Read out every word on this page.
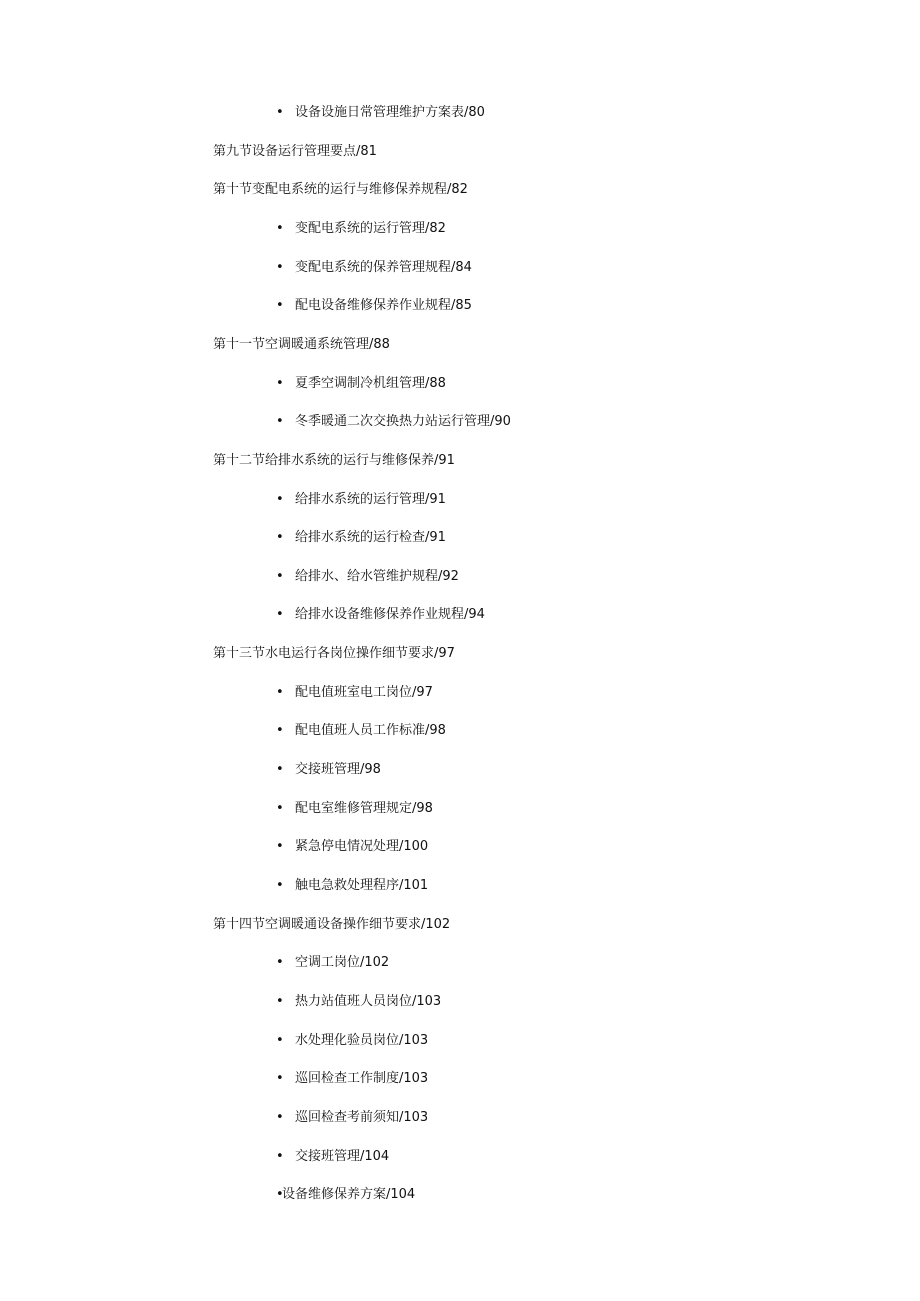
• 设备设施日常管理维护方案表/80
第九节设备运行管理要点/81
第十节变配电系统的运行与维修保养规程/82
• 变配电系统的运行管理/82
• 变配电系统的保养管理规程/84
• 配电设备维修保养作业规程/85
第十一节空调暖通系统管理/88
• 夏季空调制冷机组管理/88
• 冬季暖通二次交换热力站运行管理/90
第十二节给排水系统的运行与维修保养/91
• 给排水系统的运行管理/91
• 给排水系统的运行检查/91
• 给排水、给水管维护规程/92
• 给排水设备维修保养作业规程/94
第十三节水电运行各岗位操作细节要求/97
• 配电值班室电工岗位/97
• 配电值班人员工作标准/98
• 交接班管理/98
• 配电室维修管理规定/98
• 紧急停电情况处理/100
• 触电急救处理程序/101
第十四节空调暖通设备操作细节要求/102
• 空调工岗位/102
• 热力站值班人员岗位/103
• 水处理化验员岗位/103
• 巡回检查工作制度/103
• 巡回检查考前须知/103
• 交接班管理/104
•
设备维修保养方案/104
